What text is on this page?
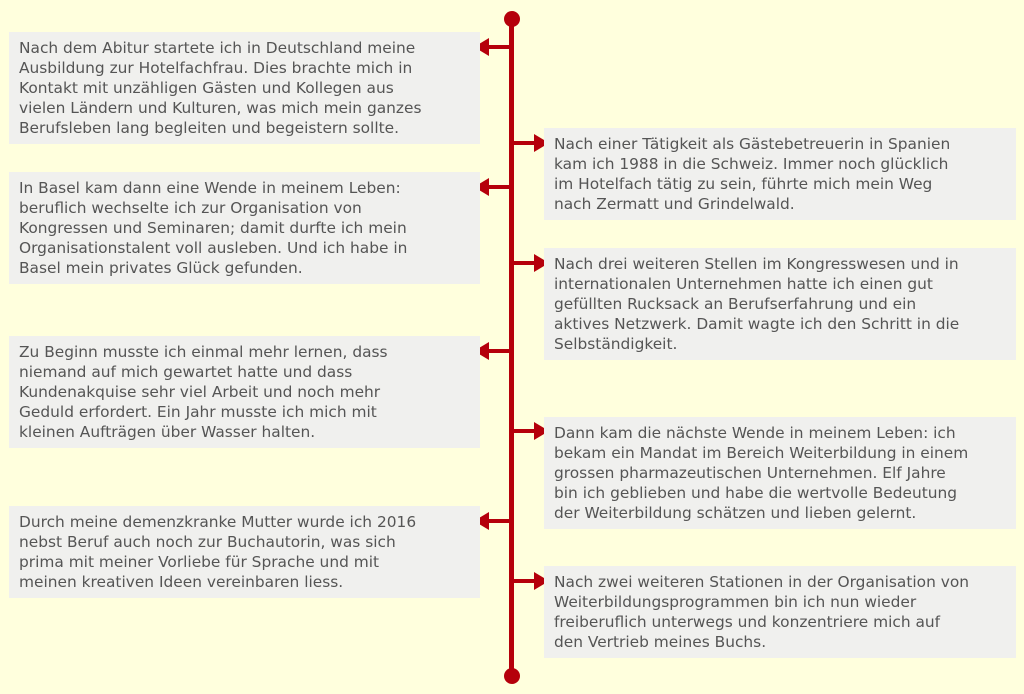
Nach dem Abitur startete ich in Deutschland meine
Ausbildung zur Hotelfachfrau. Dies brachte mich in
Kontakt mit unzähligen Gästen und Kollegen aus
vielen Ländern und Kulturen, was mich mein ganzes
Berufsleben lang begleiten und begeistern sollte.
Nach einer Tätigkeit als Gästebetreuerin in Spanien
kam ich 1988 in die Schweiz. Immer noch glücklich
im Hotelfach tätig zu sein, führte mich mein Weg
nach Zermatt und Grindelwald.
In Basel kam dann eine Wende in meinem Leben:
beruflich wechselte ich zur Organisation von
Kongressen und Seminaren; damit durfte ich mein
Organisationstalent voll ausleben. Und ich habe in
Basel mein privates Glück gefunden.	Nach drei weiteren Stellen im Kongresswesen und in
internationalen Unternehmen hatte ich einen gut
gefüllten Rucksack an Berufserfahrung und ein
aktives Netzwerk. Damit wagte ich den Schritt in die
Selbständigkeit.
Zu Beginn musste ich einmal mehr lernen, dass
niemand auf mich gewartet hatte und dass
Kundenakquise sehr viel Arbeit und noch mehr
Geduld erfordert. Ein Jahr musste ich mich mit
kleinen Aufträgen über Wasser halten.	Dann kam die nächste Wende in meinem Leben: ich
bekam ein Mandat im Bereich Weiterbildung in einem
grossen pharmazeutischen Unternehmen. Elf Jahre
bin ich geblieben und habe die wertvolle Bedeutung
der Weiterbildung schätzen und lieben gelernt.
Durch meine demenzkranke Mutter wurde ich 2016
nebst Beruf auch noch zur Buchautorin, was sich
prima mit meiner Vorliebe für Sprache und mit
meinen kreativen Ideen vereinbaren liess.	Nach zwei weiteren Stationen in der Organisation von
Weiterbildungsprogrammen bin ich nun wieder
freiberuflich unterwegs und konzentriere mich auf
den Vertrieb meines Buchs.
